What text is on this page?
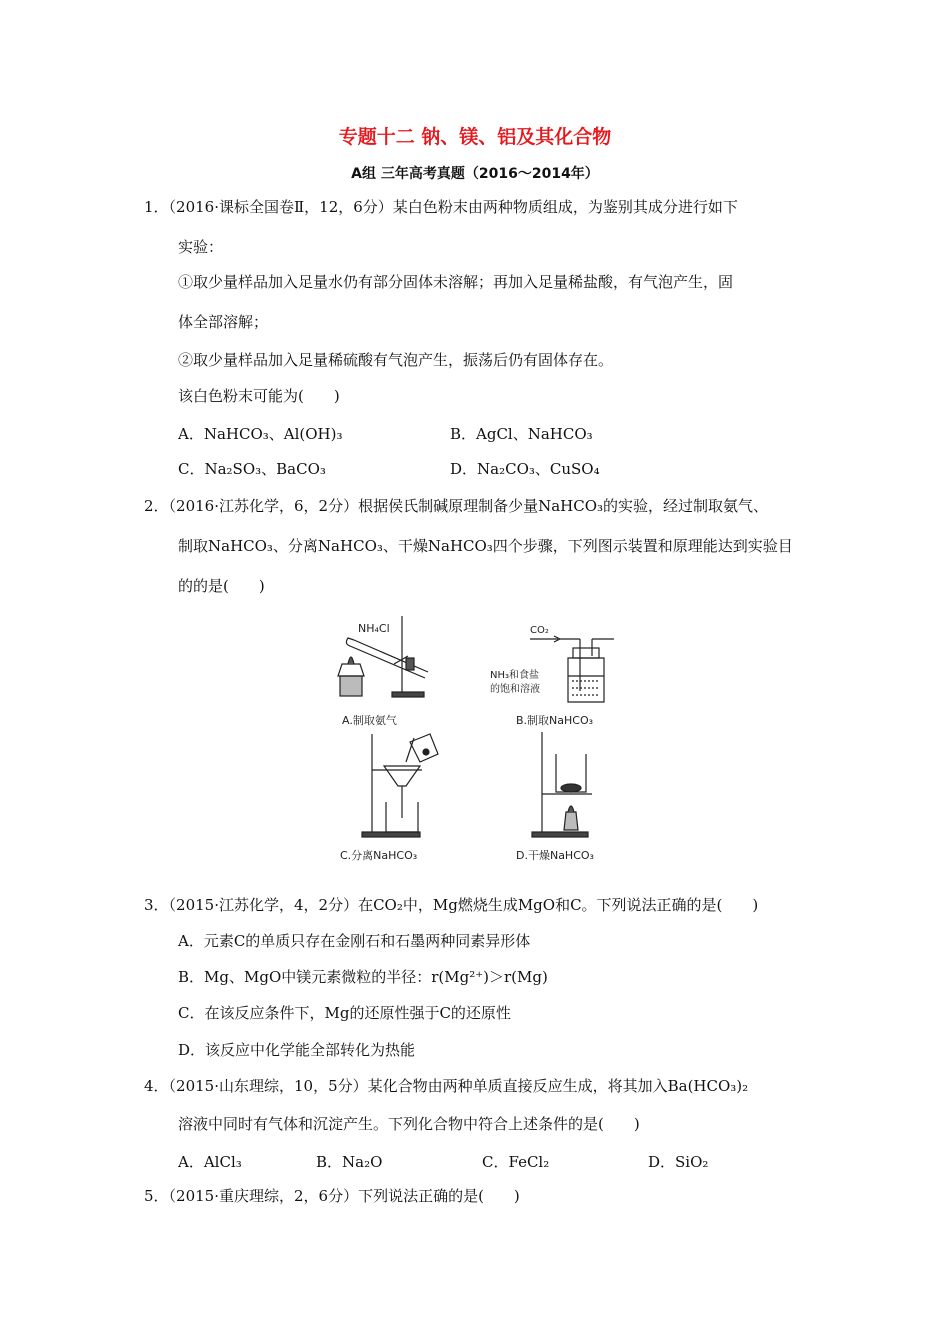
专题十二 钠、镁、铝及其化合物
A组 三年高考真题（2016～2014年）
1．（2016·课标全国卷Ⅱ，12，6分）某白色粉末由两种物质组成，为鉴别其成分进行如下
实验：
①取少量样品加入足量水仍有部分固体未溶解；再加入足量稀盐酸，有气泡产生，固
体全部溶解；
②取少量样品加入足量稀硫酸有气泡产生，振荡后仍有固体存在。
该白色粉末可能为(　　)
A．NaHCO₃、Al(OH)₃	B．AgCl、NaHCO₃
C．Na₂SO₃、BaCO₃	D．Na₂CO₃、CuSO₄
2．（2016·江苏化学，6，2分）根据侯氏制碱原理制备少量NaHCO₃的实验，经过制取氨气、
制取NaHCO₃、分离NaHCO₃、干燥NaHCO₃四个步骤，下列图示装置和原理能达到实验目
的的是(　　)
NH₄Cl
A.制取氨气
CO₂
NH₃和食盐
的饱和溶液
B.制取NaHCO₃
C.分离NaHCO₃	D.干燥NaHCO₃
3．（2015·江苏化学，4，2分）在CO₂中，Mg燃烧生成MgO和C。下列说法正确的是(　　)
A．元素C的单质只存在金刚石和石墨两种同素异形体
B．Mg、MgO中镁元素微粒的半径：r(Mg²⁺)＞r(Mg)
C．在该反应条件下，Mg的还原性强于C的还原性
D．该反应中化学能全部转化为热能
4．（2015·山东理综，10，5分）某化合物由两种单质直接反应生成，将其加入Ba(HCO₃)₂
溶液中同时有气体和沉淀产生。下列化合物中符合上述条件的是(　　)
A．AlCl₃	B．Na₂O	C．FeCl₂	D．SiO₂
5．（2015·重庆理综，2，6分）下列说法正确的是(　　)
